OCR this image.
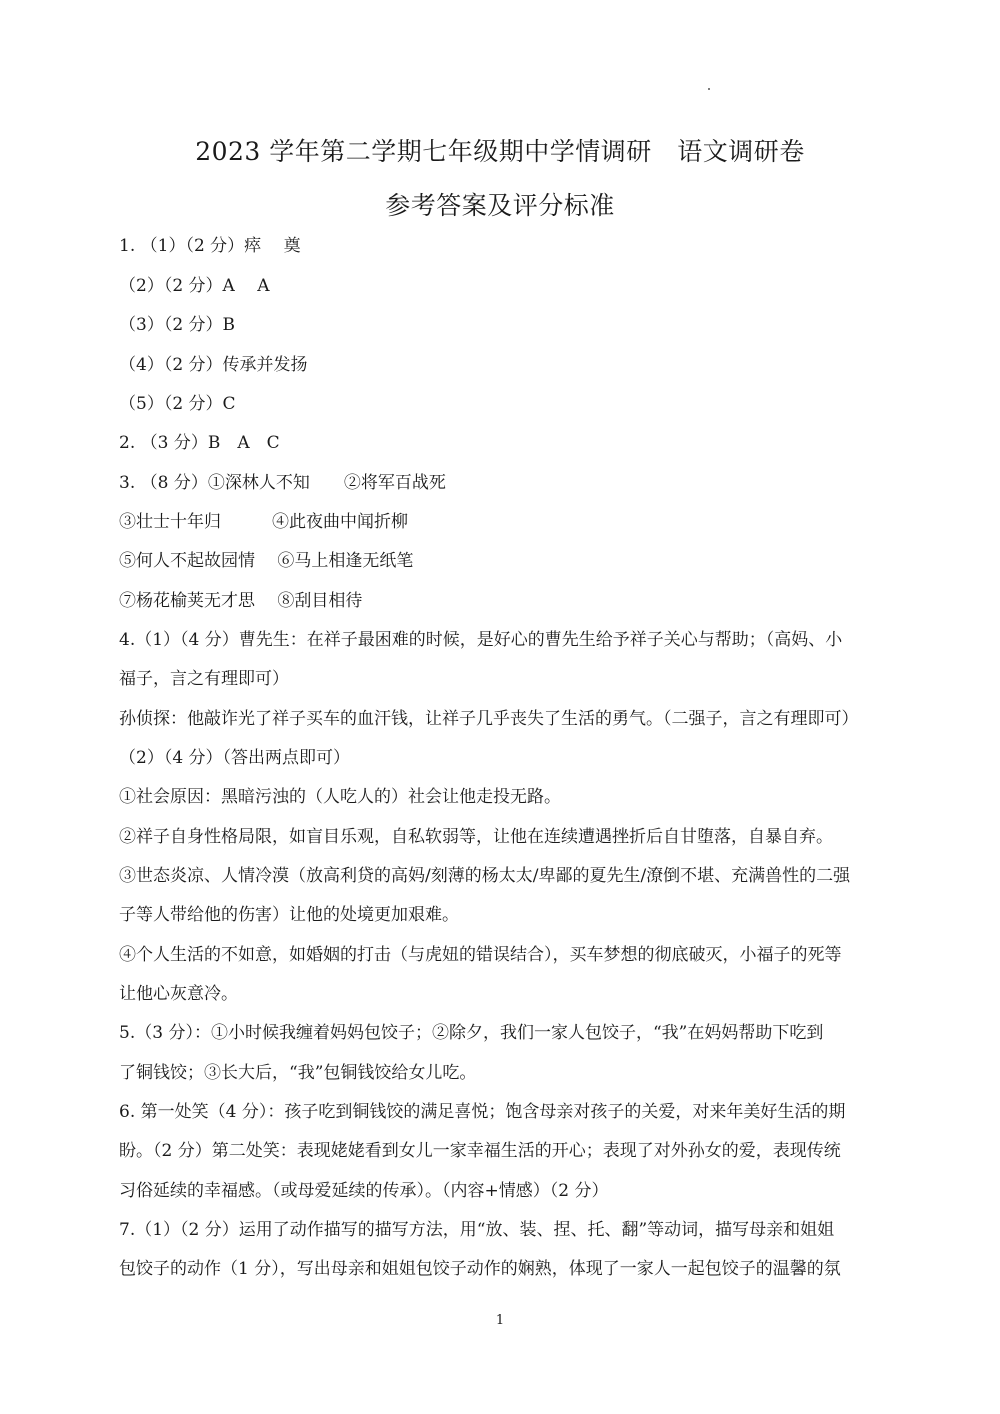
2023 学年第二学期七年级期中学情调研　语文调研卷
参考答案及评分标准
1. （1）（2 分）瘁　 奠
（2）（2 分）A　 A
（3）（2 分）B
（4）（2 分）传承并发扬
（5）（2 分）C
2. （3 分）B　A　C
3. （8 分）①深林人不知　　②将军百战死
③壮士十年归　　　④此夜曲中闻折柳
⑤何人不起故园情　 ⑥马上相逢无纸笔
⑦杨花榆荚无才思　 ⑧刮目相待
4.（1）（4 分）曹先生：在祥子最困难的时候，是好心的曹先生给予祥子关心与帮助；（高妈、小
福子，言之有理即可）
孙侦探：他敲诈光了祥子买车的血汗钱，让祥子几乎丧失了生活的勇气。（二强子，言之有理即可）
（2）（4 分）（答出两点即可）
①社会原因：黑暗污浊的（人吃人的）社会让他走投无路。
②祥子自身性格局限，如盲目乐观，自私软弱等，让他在连续遭遇挫折后自甘堕落，自暴自弃。
③世态炎凉、人情冷漠（放高利贷的高妈/刻薄的杨太太/卑鄙的夏先生/潦倒不堪、充满兽性的二强
子等人带给他的伤害）让他的处境更加艰难。
④个人生活的不如意，如婚姻的打击（与虎妞的错误结合），买车梦想的彻底破灭，小福子的死等
让他心灰意冷。
5.（3 分）：①小时候我缠着妈妈包饺子；②除夕，我们一家人包饺子，“我”在妈妈帮助下吃到
了铜钱饺；③长大后，“我”包铜钱饺给女儿吃。
6. 第一处笑（4 分）：孩子吃到铜钱饺的满足喜悦；饱含母亲对孩子的关爱，对来年美好生活的期
盼。（2 分）第二处笑：表现姥姥看到女儿一家幸福生活的开心；表现了对外孙女的爱，表现传统
习俗延续的幸福感。（或母爱延续的传承）。（内容+情感）（2 分）
7.（1）（2 分）运用了动作描写的描写方法，用“放、装、捏、托、翻”等动词，描写母亲和姐姐
包饺子的动作（1 分），写出母亲和姐姐包饺子动作的娴熟，体现了一家人一起包饺子的温馨的氛
1
